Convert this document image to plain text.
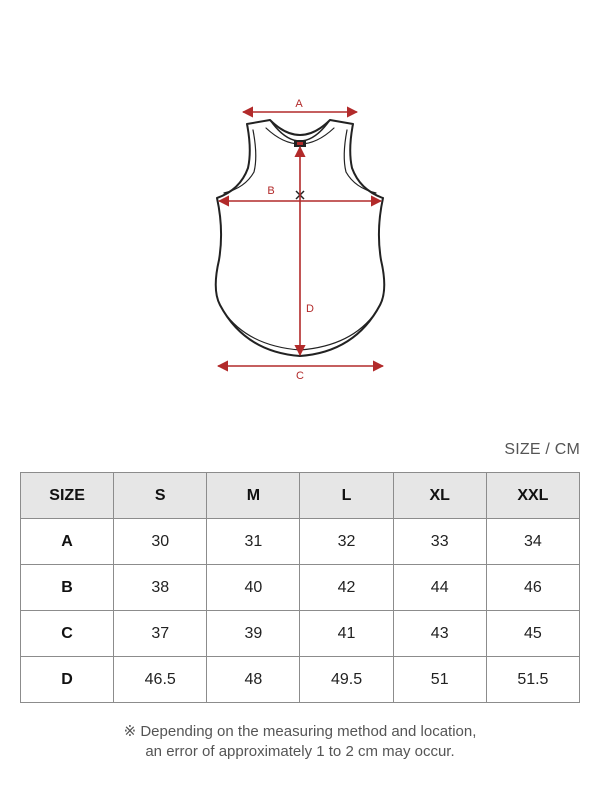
A
B
C
D
SIZE / CM
SIZE	S	M	L	XL	XXL
A	30	31	32	33	34
B	38	40	42	44	46
C	37	39	41	43	45
D	46.5	48	49.5	51	51.5
※ Depending on the measuring method and location,
an error of approximately 1 to 2 cm may occur.
